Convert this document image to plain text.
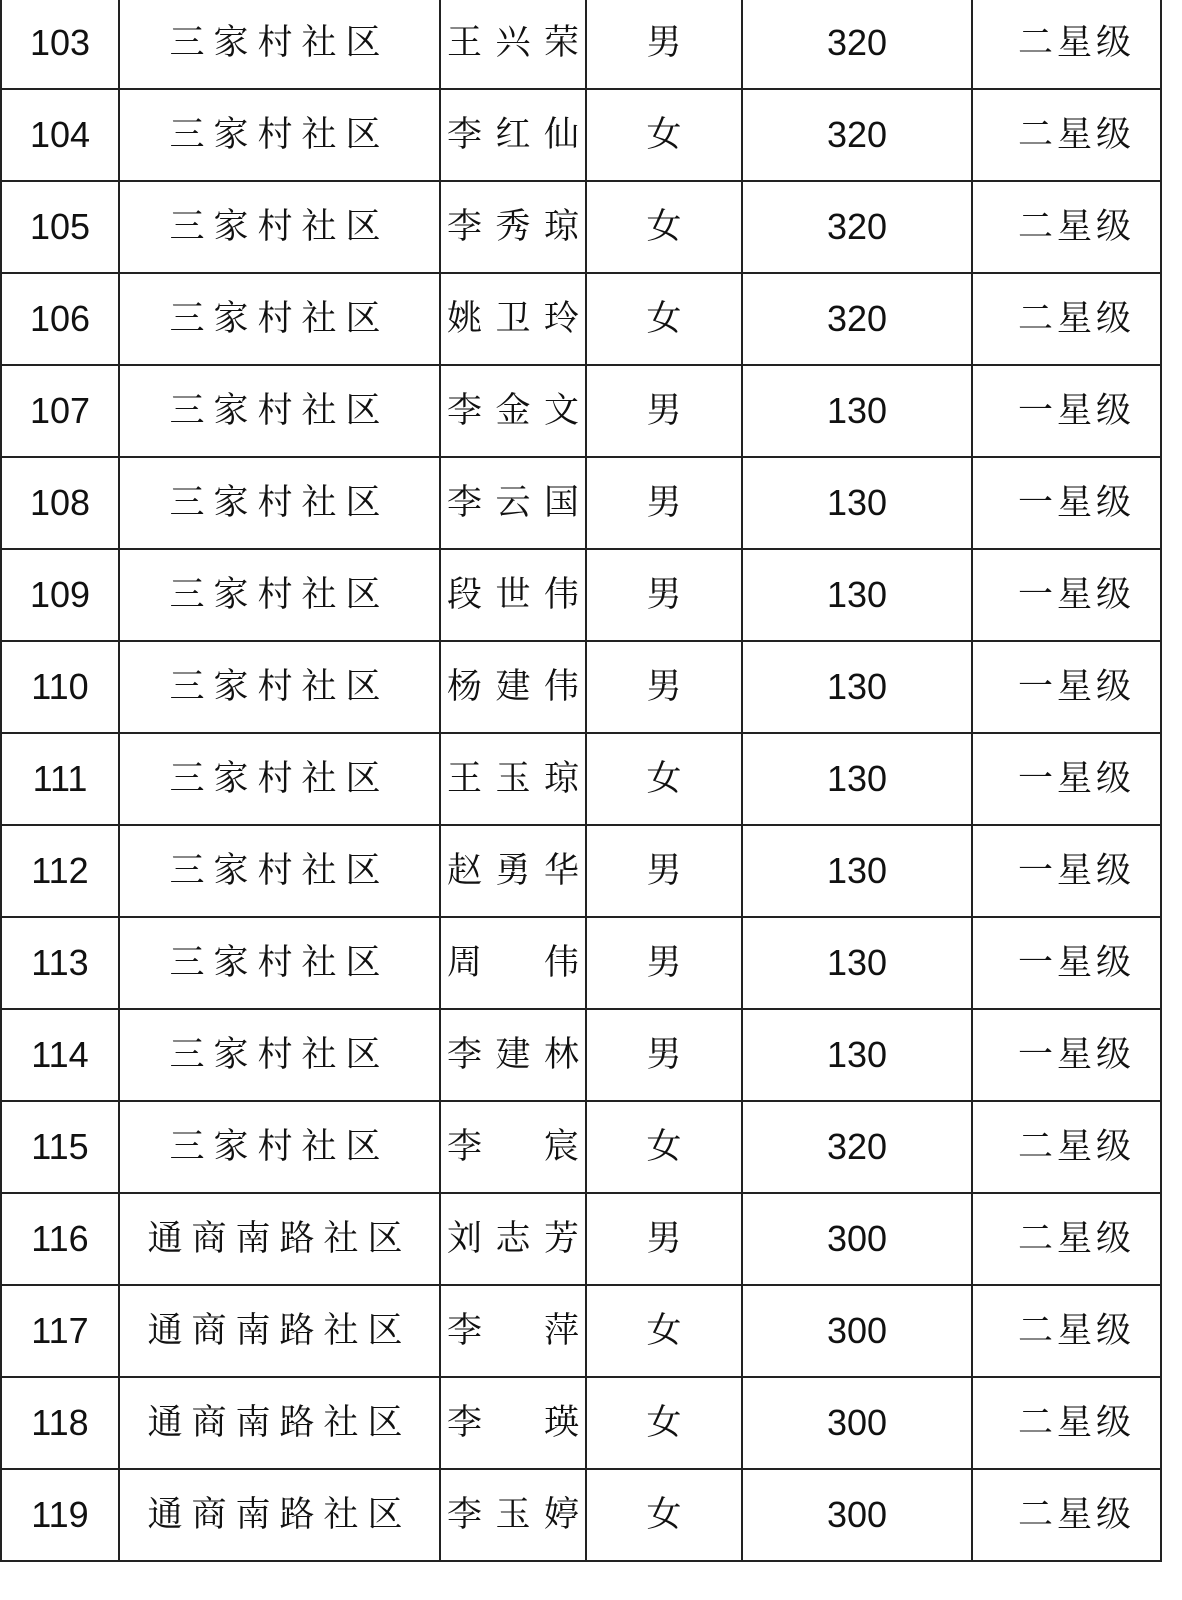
103	三家村社区	王 兴 荣	男	320	二星级
104	三家村社区	李 红 仙	女	320	二星级
105	三家村社区	李 秀 琼	女	320	二星级
106	三家村社区	姚 卫 玲	女	320	二星级
107	三家村社区	李 金 文	男	130	一星级
108	三家村社区	李 云 国	男	130	一星级
109	三家村社区	段 世 伟	男	130	一星级
110	三家村社区	杨 建 伟	男	130	一星级
111	三家村社区	王 玉 琼	女	130	一星级
112	三家村社区	赵 勇 华	男	130	一星级
113	三家村社区	周 伟	男	130	一星级
114	三家村社区	李 建 林	男	130	一星级
115	三家村社区	李 宸	女	320	二星级
116	通商南路社区	刘 志 芳	男	300	二星级
117	通商南路社区	李 萍	女	300	二星级
118	通商南路社区	李 瑛	女	300	二星级
119	通商南路社区	李 玉 婷	女	300	二星级
